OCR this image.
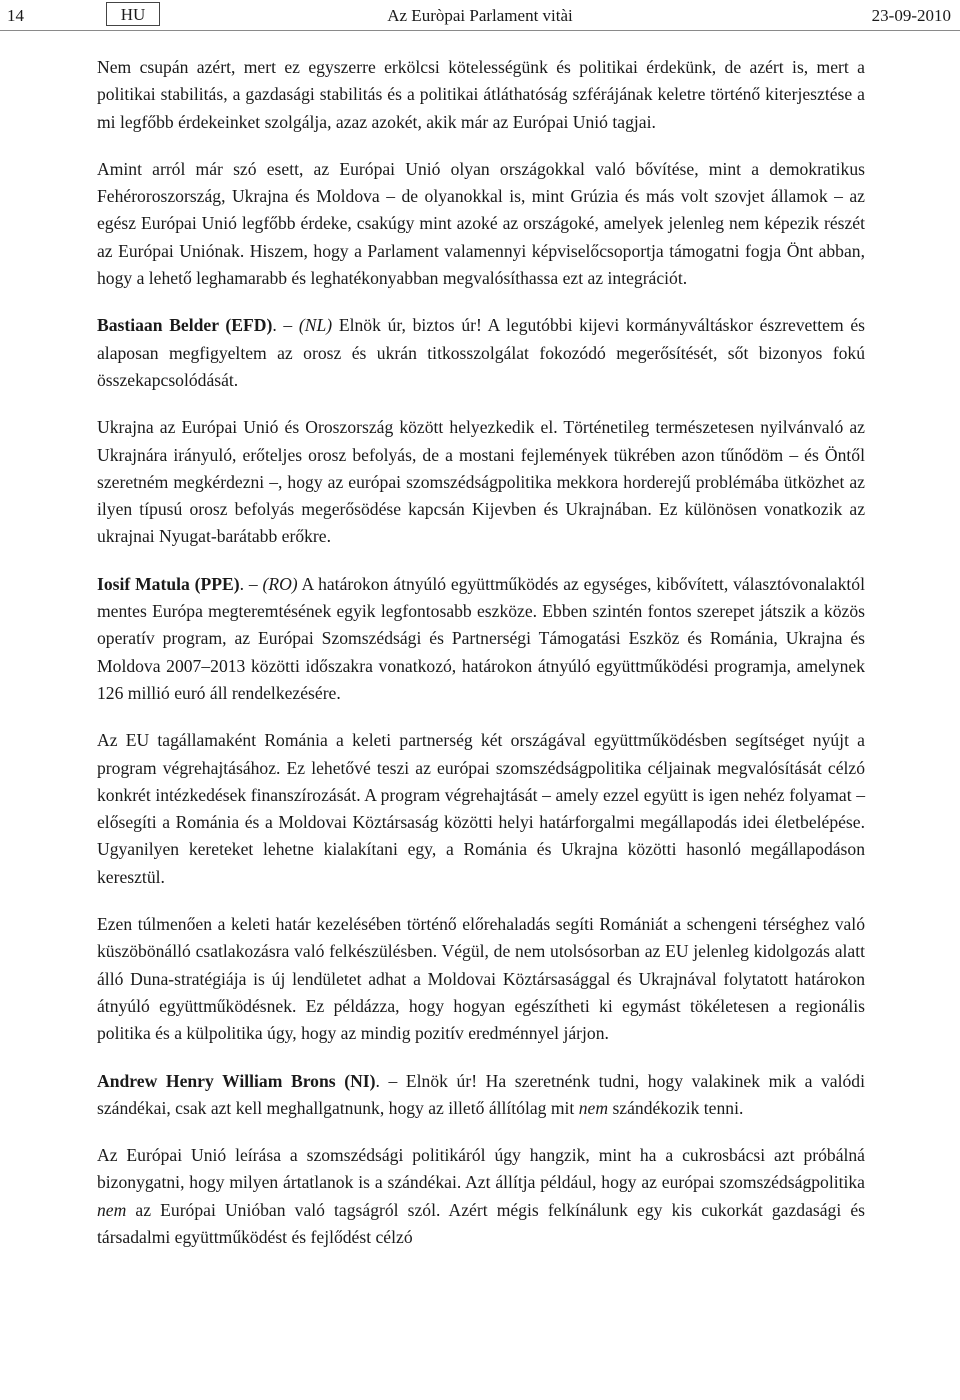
14	HU	Az Euròpai Parlament vitài	23-09-2010

Nem csupán azért, mert ez egyszerre erkölcsi kötelességünk és politikai érdekünk, de azért is, mert a politikai stabilitás, a gazdasági stabilitás és a politikai átláthatóság szférájának keletre történő kiterjesztése a mi legfőbb érdekeinket szolgálja, azaz azokét, akik már az Európai Unió tagjai.

Amint arról már szó esett, az Európai Unió olyan országokkal való bővítése, mint a demokratikus Fehéroroszország, Ukrajna és Moldova – de olyanokkal is, mint Grúzia és más volt szovjet államok – az egész Európai Unió legfőbb érdeke, csakúgy mint azoké az országoké, amelyek jelenleg nem képezik részét az Európai Uniónak. Hiszem, hogy a Parlament valamennyi képviselőcsoportja támogatni fogja Önt abban, hogy a lehető leghamarabb és leghatékonyabban megvalósíthassa ezt az integrációt.

Bastiaan Belder (EFD). – (NL) Elnök úr, biztos úr! A legutóbbi kijevi kormányváltáskor észrevettem és alaposan megfigyeltem az orosz és ukrán titkosszolgálat fokozódó megerősítését, sőt bizonyos fokú összekapcsolódását.

Ukrajna az Európai Unió és Oroszország között helyezkedik el. Történetileg természetesen nyilvánvaló az Ukrajnára irányuló, erőteljes orosz befolyás, de a mostani fejlemények tükrében azon tűnődöm – és Öntől szeretném megkérdezni –, hogy az európai szomszédságpolitika mekkora horderejű problémába ütközhet az ilyen típusú orosz befolyás megerősödése kapcsán Kijevben és Ukrajnában. Ez különösen vonatkozik az ukrajnai Nyugat-barátabb erőkre.

Iosif Matula (PPE). – (RO) A határokon átnyúló együttműködés az egységes, kibővített, választóvonalaktól mentes Európa megteremtésének egyik legfontosabb eszköze. Ebben szintén fontos szerepet játszik a közös operatív program, az Európai Szomszédsági és Partnerségi Támogatási Eszköz és Románia, Ukrajna és Moldova 2007–2013 közötti időszakra vonatkozó, határokon átnyúló együttműködési programja, amelynek 126 millió euró áll rendelkezésére.

Az EU tagállamaként Románia a keleti partnerség két országával együttműködésben segítséget nyújt a program végrehajtásához. Ez lehetővé teszi az európai szomszédságpolitika céljainak megvalósítását célzó konkrét intézkedések finanszírozását. A program végrehajtását – amely ezzel együtt is igen nehéz folyamat – elősegíti a Románia és a Moldovai Köztársaság közötti helyi határforgalmi megállapodás idei életbelépése. Ugyanilyen kereteket lehetne kialakítani egy, a Románia és Ukrajna közötti hasonló megállapodáson keresztül.

Ezen túlmenően a keleti határ kezelésében történő előrehaladás segíti Romániát a schengeni térséghez való küszöbönálló csatlakozásra való felkészülésben. Végül, de nem utolsósorban az EU jelenleg kidolgozás alatt álló Duna-stratégiája is új lendületet adhat a Moldovai Köztársasággal és Ukrajnával folytatott határokon átnyúló együttműködésnek. Ez példázza, hogy hogyan egészítheti ki egymást tökéletesen a regionális politika és a külpolitika úgy, hogy az mindig pozitív eredménnyel járjon.

Andrew Henry William Brons (NI). – Elnök úr! Ha szeretnénk tudni, hogy valakinek mik a valódi szándékai, csak azt kell meghallgatnunk, hogy az illető állítólag mit nem szándékozik tenni.

Az Európai Unió leírása a szomszédsági politikáról úgy hangzik, mint ha a cukrosbácsi azt próbálná bizonygatni, hogy milyen ártatlanok is a szándékai. Azt állítja például, hogy az európai szomszédságpolitika nem az Európai Unióban való tagságról szól. Azért mégis felkínálunk egy kis cukorkát gazdasági és társadalmi együttműködést és fejlődést célzó
